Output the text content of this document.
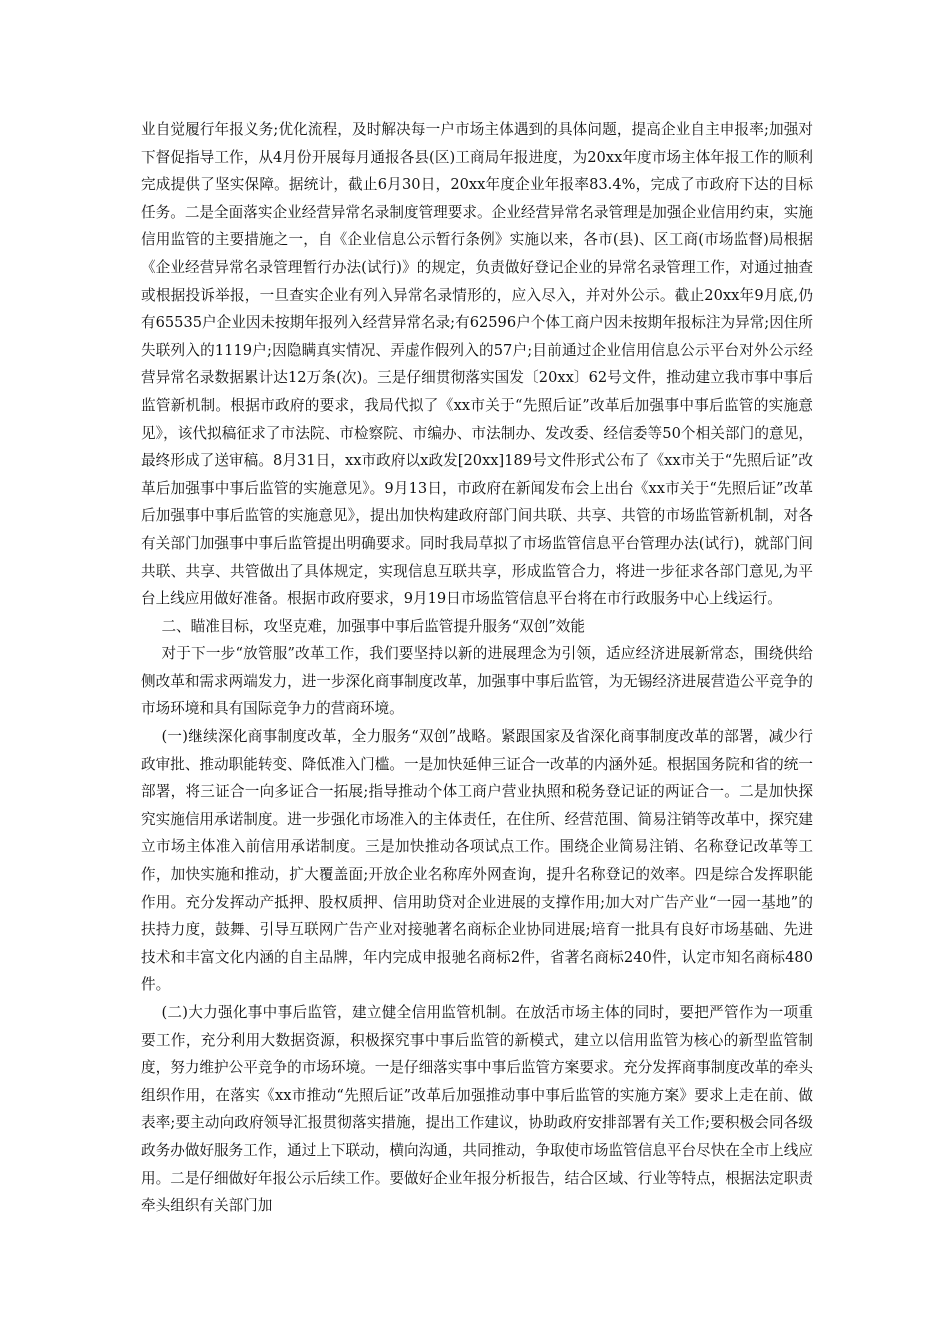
业自觉履行年报义务;优化流程，及时解决每一户市场主体遇到的具体问题，提高企业自主申报率;加强对下督促指导工作，从4月份开展每月通报各县(区)工商局年报进度，为20xx年度市场主体年报工作的顺利完成提供了坚实保障。据统计，截止6月30日，20xx年度企业年报率83.4%，完成了市政府下达的目标任务。二是全面落实企业经营异常名录制度管理要求。企业经营异常名录管理是加强企业信用约束，实施信用监管的主要措施之一，自《企业信息公示暂行条例》实施以来，各市(县)、区工商(市场监督)局根据《企业经营异常名录管理暂行办法(试行)》的规定，负责做好登记企业的异常名录管理工作，对通过抽查或根据投诉举报，一旦查实企业有列入异常名录情形的，应入尽入，并对外公示。截止20xx年9月底,仍有65535户企业因未按期年报列入经营异常名录;有62596户个体工商户因未按期年报标注为异常;因住所失联列入的1119户;因隐瞒真实情况、弄虚作假列入的57户;目前通过企业信用信息公示平台对外公示经营异常名录数据累计达12万条(次)。三是仔细贯彻落实国发〔20xx〕62号文件，推动建立我市事中事后监管新机制。根据市政府的要求，我局代拟了《xx市关于“先照后证”改革后加强事中事后监管的实施意见》，该代拟稿征求了市法院、市检察院、市编办、市法制办、发改委、经信委等50个相关部门的意见，最终形成了送审稿。8月31日，xx市政府以x政发[20xx]189号文件形式公布了《xx市关于“先照后证”改革后加强事中事后监管的实施意见》。9月13日，市政府在新闻发布会上出台《xx市关于“先照后证”改革后加强事中事后监管的实施意见》，提出加快构建政府部门间共联、共享、共管的市场监管新机制，对各有关部门加强事中事后监管提出明确要求。同时我局草拟了市场监管信息平台管理办法(试行)，就部门间共联、共享、共管做出了具体规定，实现信息互联共享，形成监管合力，将进一步征求各部门意见,为平台上线应用做好准备。根据市政府要求，9月19日市场监管信息平台将在市行政服务中心上线运行。

二、瞄准目标，攻坚克难，加强事中事后监管提升服务“双创”效能

对于下一步“放管服”改革工作，我们要坚持以新的进展理念为引领，适应经济进展新常态，围绕供给侧改革和需求两端发力，进一步深化商事制度改革，加强事中事后监管，为无锡经济进展营造公平竞争的市场环境和具有国际竞争力的营商环境。

(一)继续深化商事制度改革，全力服务“双创”战略。紧跟国家及省深化商事制度改革的部署，减少行政审批、推动职能转变、降低准入门槛。一是加快延伸三证合一改革的内涵外延。根据国务院和省的统一部署，将三证合一向多证合一拓展;指导推动个体工商户营业执照和税务登记证的两证合一。二是加快探究实施信用承诺制度。进一步强化市场准入的主体责任，在住所、经营范围、简易注销等改革中，探究建立市场主体准入前信用承诺制度。三是加快推动各项试点工作。围绕企业简易注销、名称登记改革等工作，加快实施和推动，扩大覆盖面;开放企业名称库外网查询，提升名称登记的效率。四是综合发挥职能作用。充分发挥动产抵押、股权质押、信用助贷对企业进展的支撑作用;加大对广告产业“一园一基地”的扶持力度，鼓舞、引导互联网广告产业对接驰著名商标企业协同进展;培育一批具有良好市场基础、先进技术和丰富文化内涵的自主品牌，年内完成申报驰名商标2件，省著名商标240件，认定市知名商标480件。

(二)大力强化事中事后监管，建立健全信用监管机制。在放活市场主体的同时，要把严管作为一项重要工作，充分利用大数据资源，积极探究事中事后监管的新模式，建立以信用监管为核心的新型监管制度，努力维护公平竞争的市场环境。一是仔细落实事中事后监管方案要求。充分发挥商事制度改革的牵头组织作用，在落实《xx市推动“先照后证”改革后加强推动事中事后监管的实施方案》要求上走在前、做表率;要主动向政府领导汇报贯彻落实措施，提出工作建议，协助政府安排部署有关工作;要积极会同各级政务办做好服务工作，通过上下联动，横向沟通，共同推动，争取使市场监管信息平台尽快在全市上线应用。二是仔细做好年报公示后续工作。要做好企业年报分析报告，结合区域、行业等特点，根据法定职责牵头组织有关部门加
